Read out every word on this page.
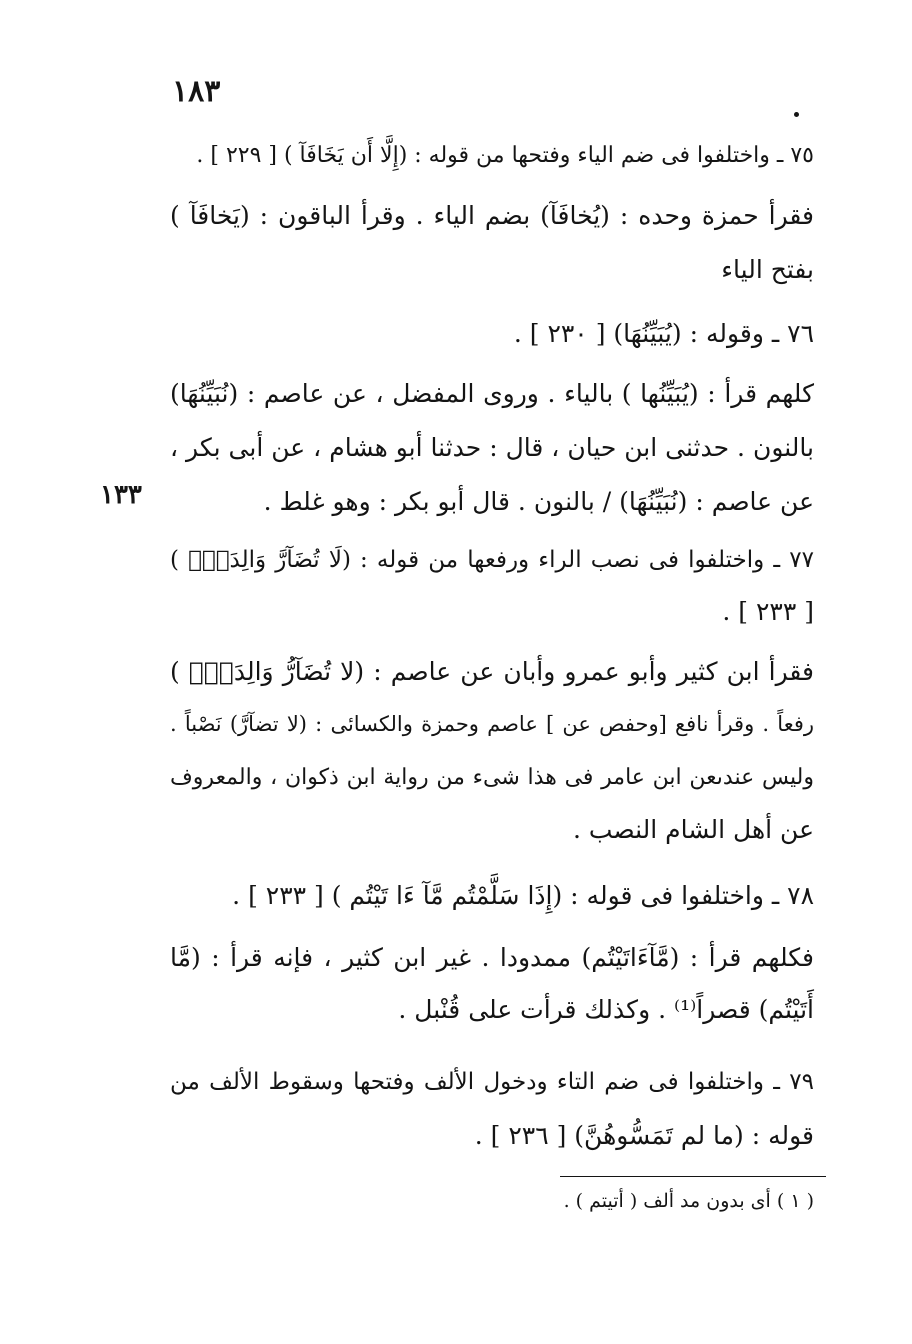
١٨٣
١٣٣
٧٥ ـ واختلفوا فى ضم الياء وفتحها من قوله : (إِلَّا أَن يَخَافَآ ) [ ٢٢٩ ] .
فقرأ حمزة وحده : (يُخافَآ) بضم الياء . وقرأ الباقون : (يَخافَآ )
بفتح الياء
٧٦ ـ وقوله : (يُبَيِّنُهَا) [ ٢٣٠ ] .
كلهم قرأ : (يُبَيِّنُها ) بالياء . وروى المفضل ، عن عاصم : (نُبَيِّنُهَا)
بالنون . حدثنى ابن حيان ، قال : حدثنا أبو هشام ، عن أبى بكر ،
عن عاصم : (نُبَيِّنُهَا) / بالنون . قال أبو بكر : وهو غلط .
٧٧ ـ واختلفوا فى نصب الراء ورفعها من قوله : (لَا تُضَآرَّ وَالِدَةٌۢ )
[ ٢٣٣ ] .
فقرأ ابن كثير وأبو عمرو وأبان عن عاصم : (لا تُضَآرُّ وَالِدَةٌۢ )
رفعاً . وقرأ نافع [وحفص عن ] عاصم وحمزة والكسائى : (لا تضآرَّ) نَصْباً .
وليس عندىعن ابن عامر فى هذا شىء من رواية ابن ذكوان ، والمعروف
عن أهل الشام النصب .
٧٨ ـ واختلفوا فى قوله : (إِذَا سَلَّمْتُم مَّآ ءَا تَيْتُم ) [ ٢٣٣ ] .
فكلهم قرأ : (مَّآءَاتَيْتُم) ممدودا . غير ابن كثير ، فإنه قرأ : (مَّا
أَتَيْتُم) قصراً⁽¹⁾ . وكذلك قرأت على قُنْبل .
٧٩ ـ واختلفوا فى ضم التاء ودخول الألف وفتحها وسقوط الألف من
قوله : (ما لم تَمَسُّوهُنَّ) [ ٢٣٦ ] .
( ١ ) أى بدون مد ألف ( أتيتم ) .
